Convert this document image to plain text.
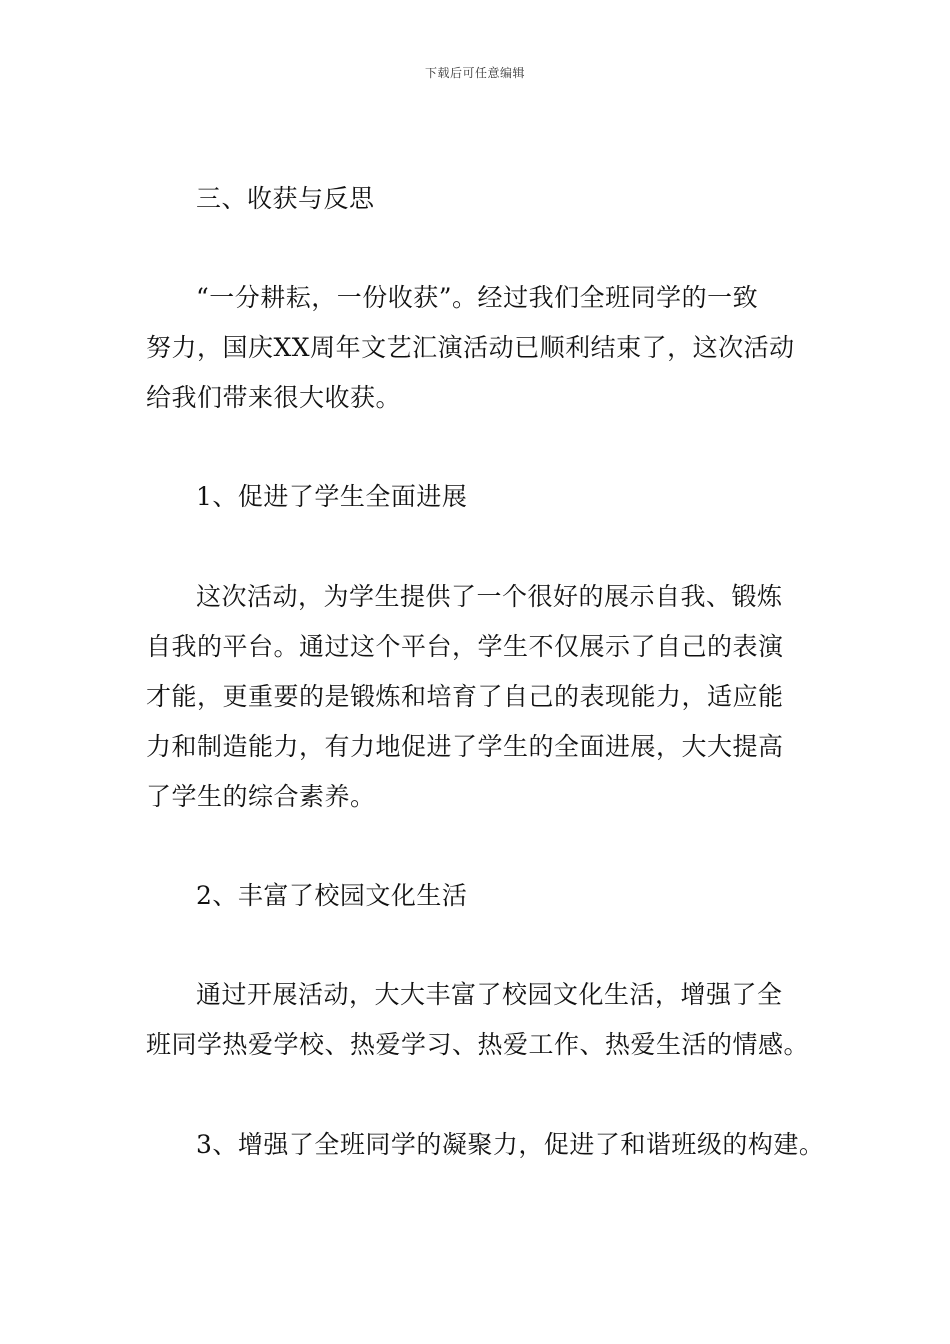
下载后可任意编辑
三、收获与反思
“一分耕耘，一份收获”。经过我们全班同学的一致
努力，国庆XX周年文艺汇演活动已顺利结束了，这次活动
给我们带来很大收获。
1、促进了学生全面进展
这次活动，为学生提供了一个很好的展示自我、锻炼
自我的平台。通过这个平台，学生不仅展示了自己的表演
才能，更重要的是锻炼和培育了自己的表现能力，适应能
力和制造能力，有力地促进了学生的全面进展，大大提高
了学生的综合素养。
2、丰富了校园文化生活
通过开展活动，大大丰富了校园文化生活，增强了全
班同学热爱学校、热爱学习、热爱工作、热爱生活的情感。
3、增强了全班同学的凝聚力，促进了和谐班级的构建。
